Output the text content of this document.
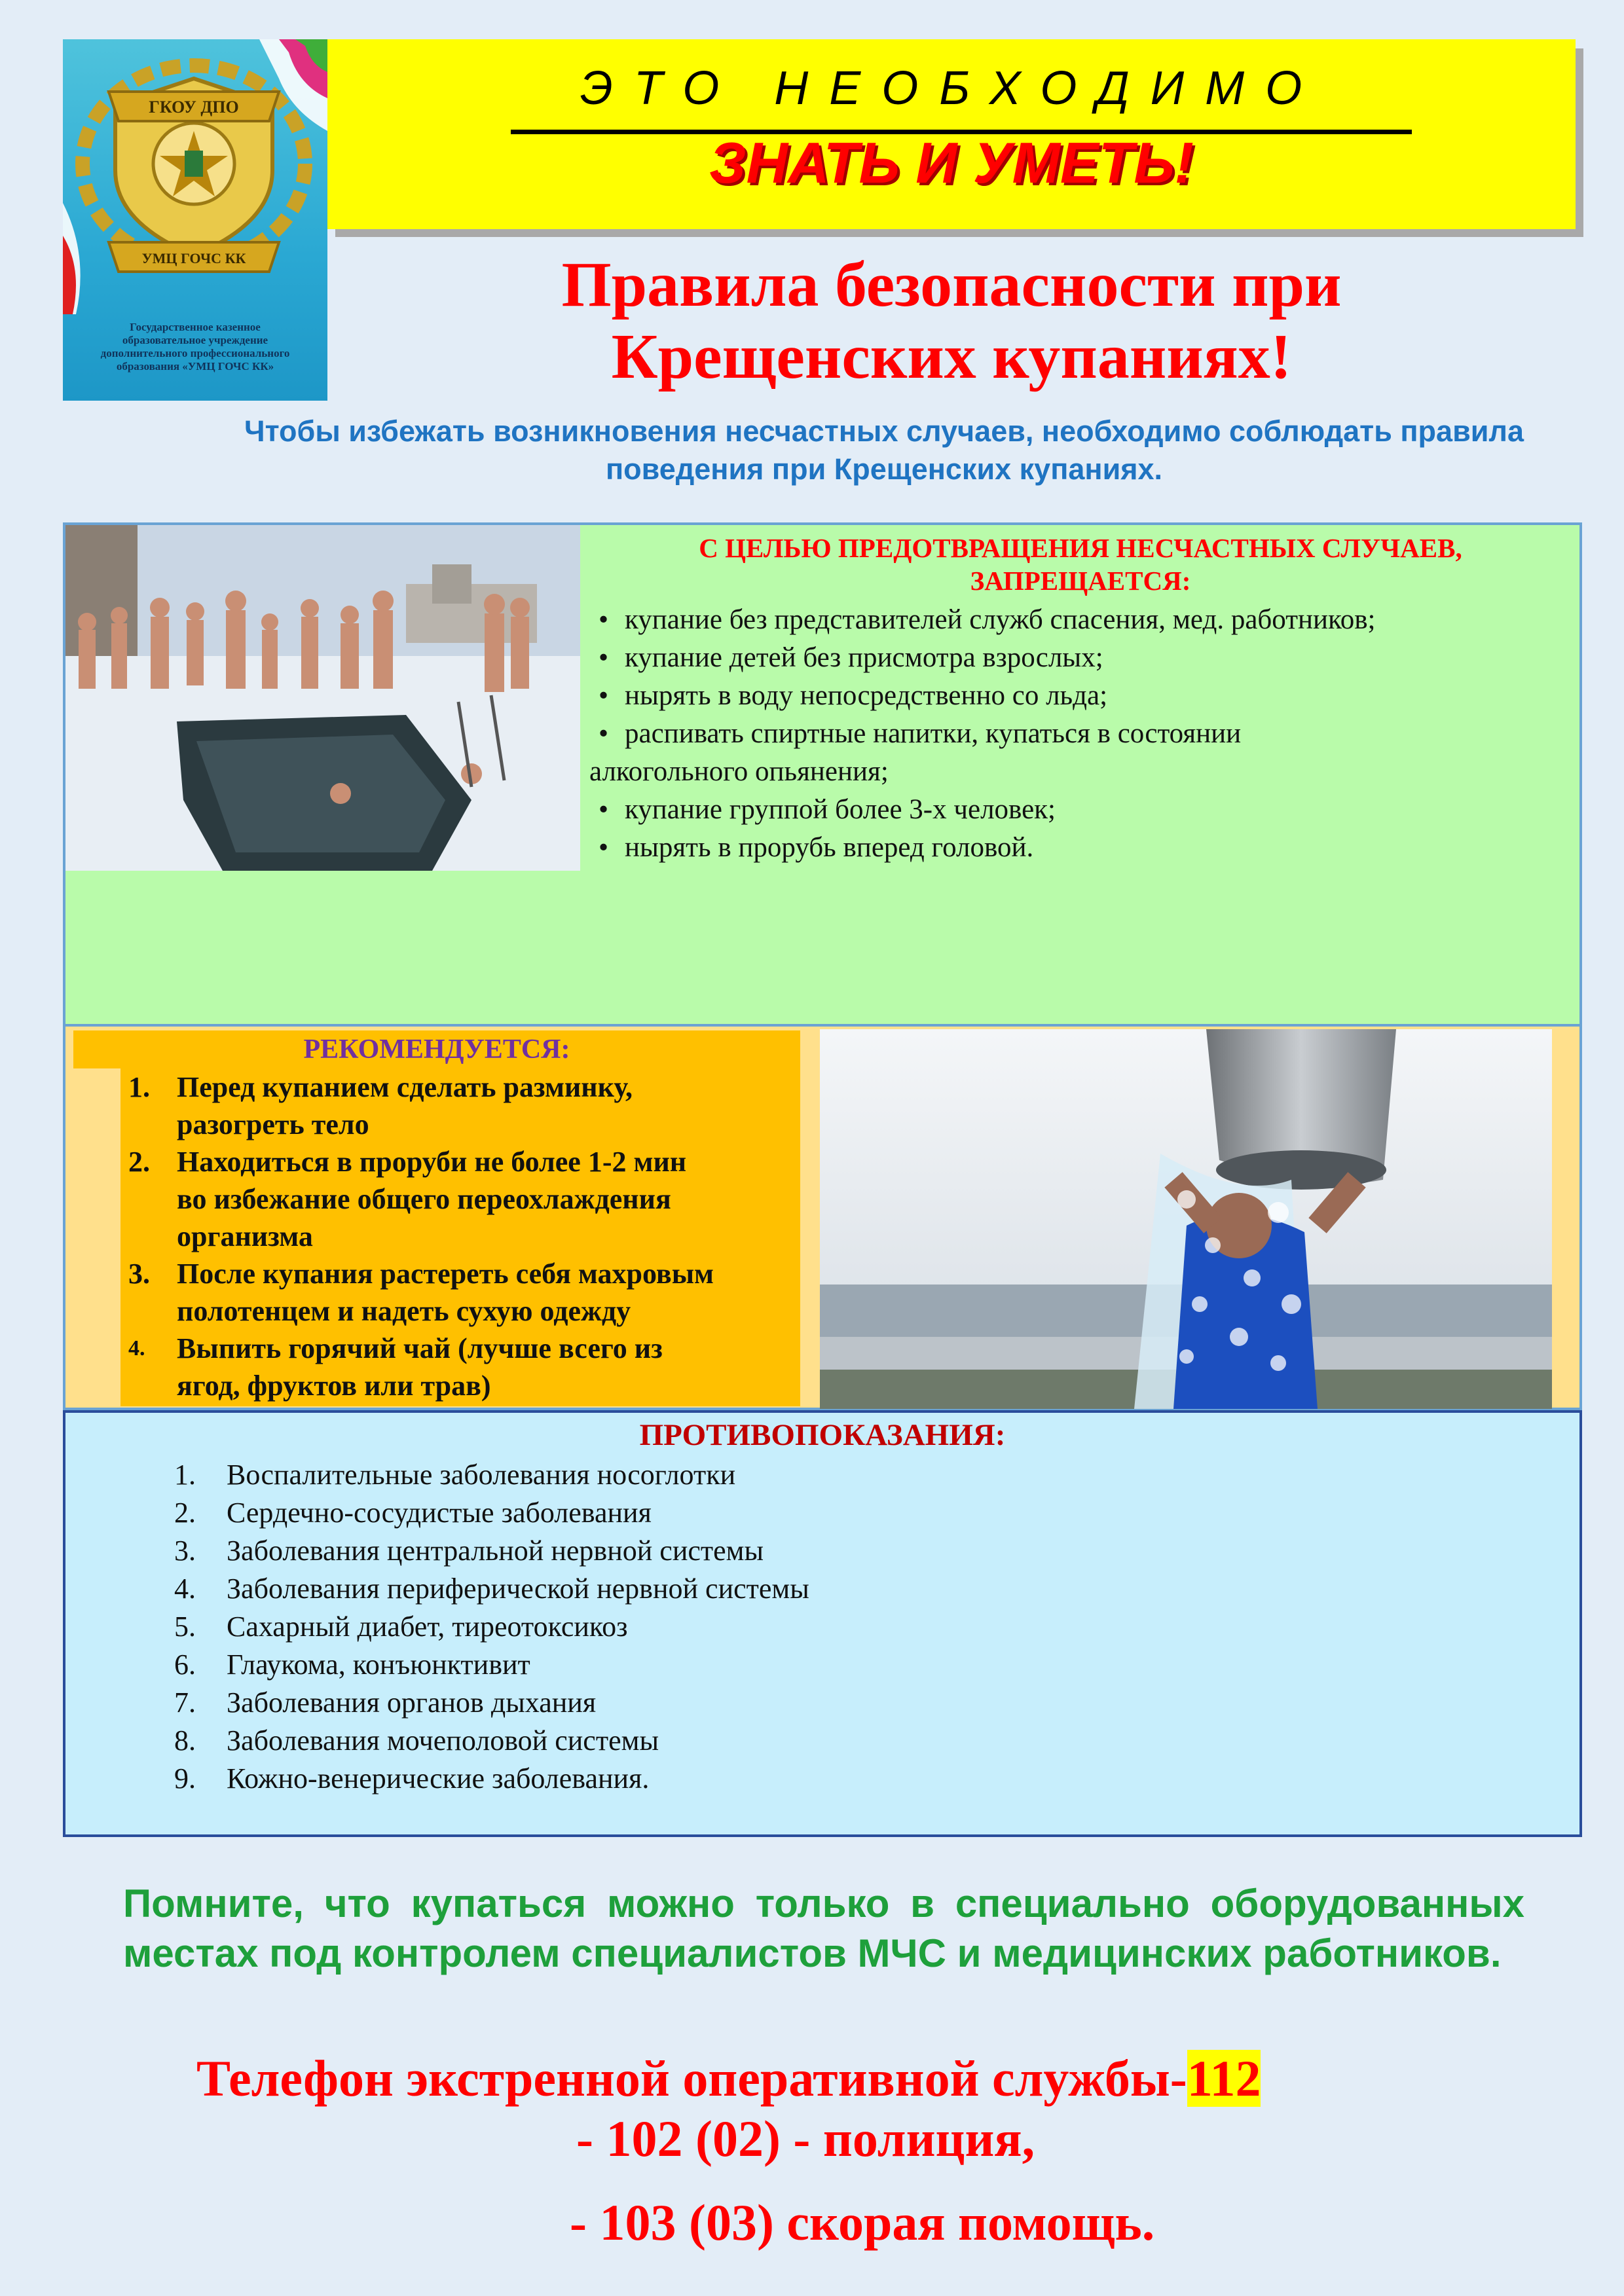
ГКОУ ДПО
УМЦ ГОЧС КК
Государственное казенное образовательное учреждение дополнительного профессионального образования «УМЦ ГОЧС КК»
ЭТО НЕОБХОДИМО
ЗНАТЬ И УМЕТЬ!
Правила безопасности при
Крещенских купаниях!
Чтобы избежать возникновения несчастных случаев, необходимо соблюдать правила поведения при Крещенских купаниях.
С ЦЕЛЬЮ ПРЕДОТВРАЩЕНИЯ НЕСЧАСТНЫХ СЛУЧАЕВ,
ЗАПРЕЩАЕТСЯ:
• купание без представителей служб спасения, мед. работников;
• купание детей без присмотра взрослых;
• нырять в воду непосредственно со льда;
• распивать спиртные напитки, купаться в состоянии
алкогольного опьянения;
• купание группой более 3-х человек;
• нырять в прорубь вперед головой.
РЕКОМЕНДУЕТСЯ:
1. Перед купанием сделать разминку,
разогреть тело
2. Находиться в проруби не более 1-2 мин
во избежание общего переохлаждения
организма
3. После купания растереть себя махровым
полотенцем и надеть сухую одежду
4. Выпить горячий чай (лучше всего из
ягод, фруктов или трав)
ПРОТИВОПОКАЗАНИЯ:
1. Воспалительные заболевания носоглотки
2. Сердечно-сосудистые заболевания
3. Заболевания центральной нервной системы
4. Заболевания периферической нервной системы
5. Сахарный диабет, тиреотоксикоз
6. Глаукома, конъюнктивит
7. Заболевания органов дыхания
8. Заболевания мочеполовой системы
9. Кожно-венерические заболевания.
Помните, что купаться можно только в специально оборудованных местах под контролем специалистов МЧС и медицинских работников.
Телефон экстренной оперативной службы-112
- 102 (02) - полиция,
- 103 (03) скорая помощь.
